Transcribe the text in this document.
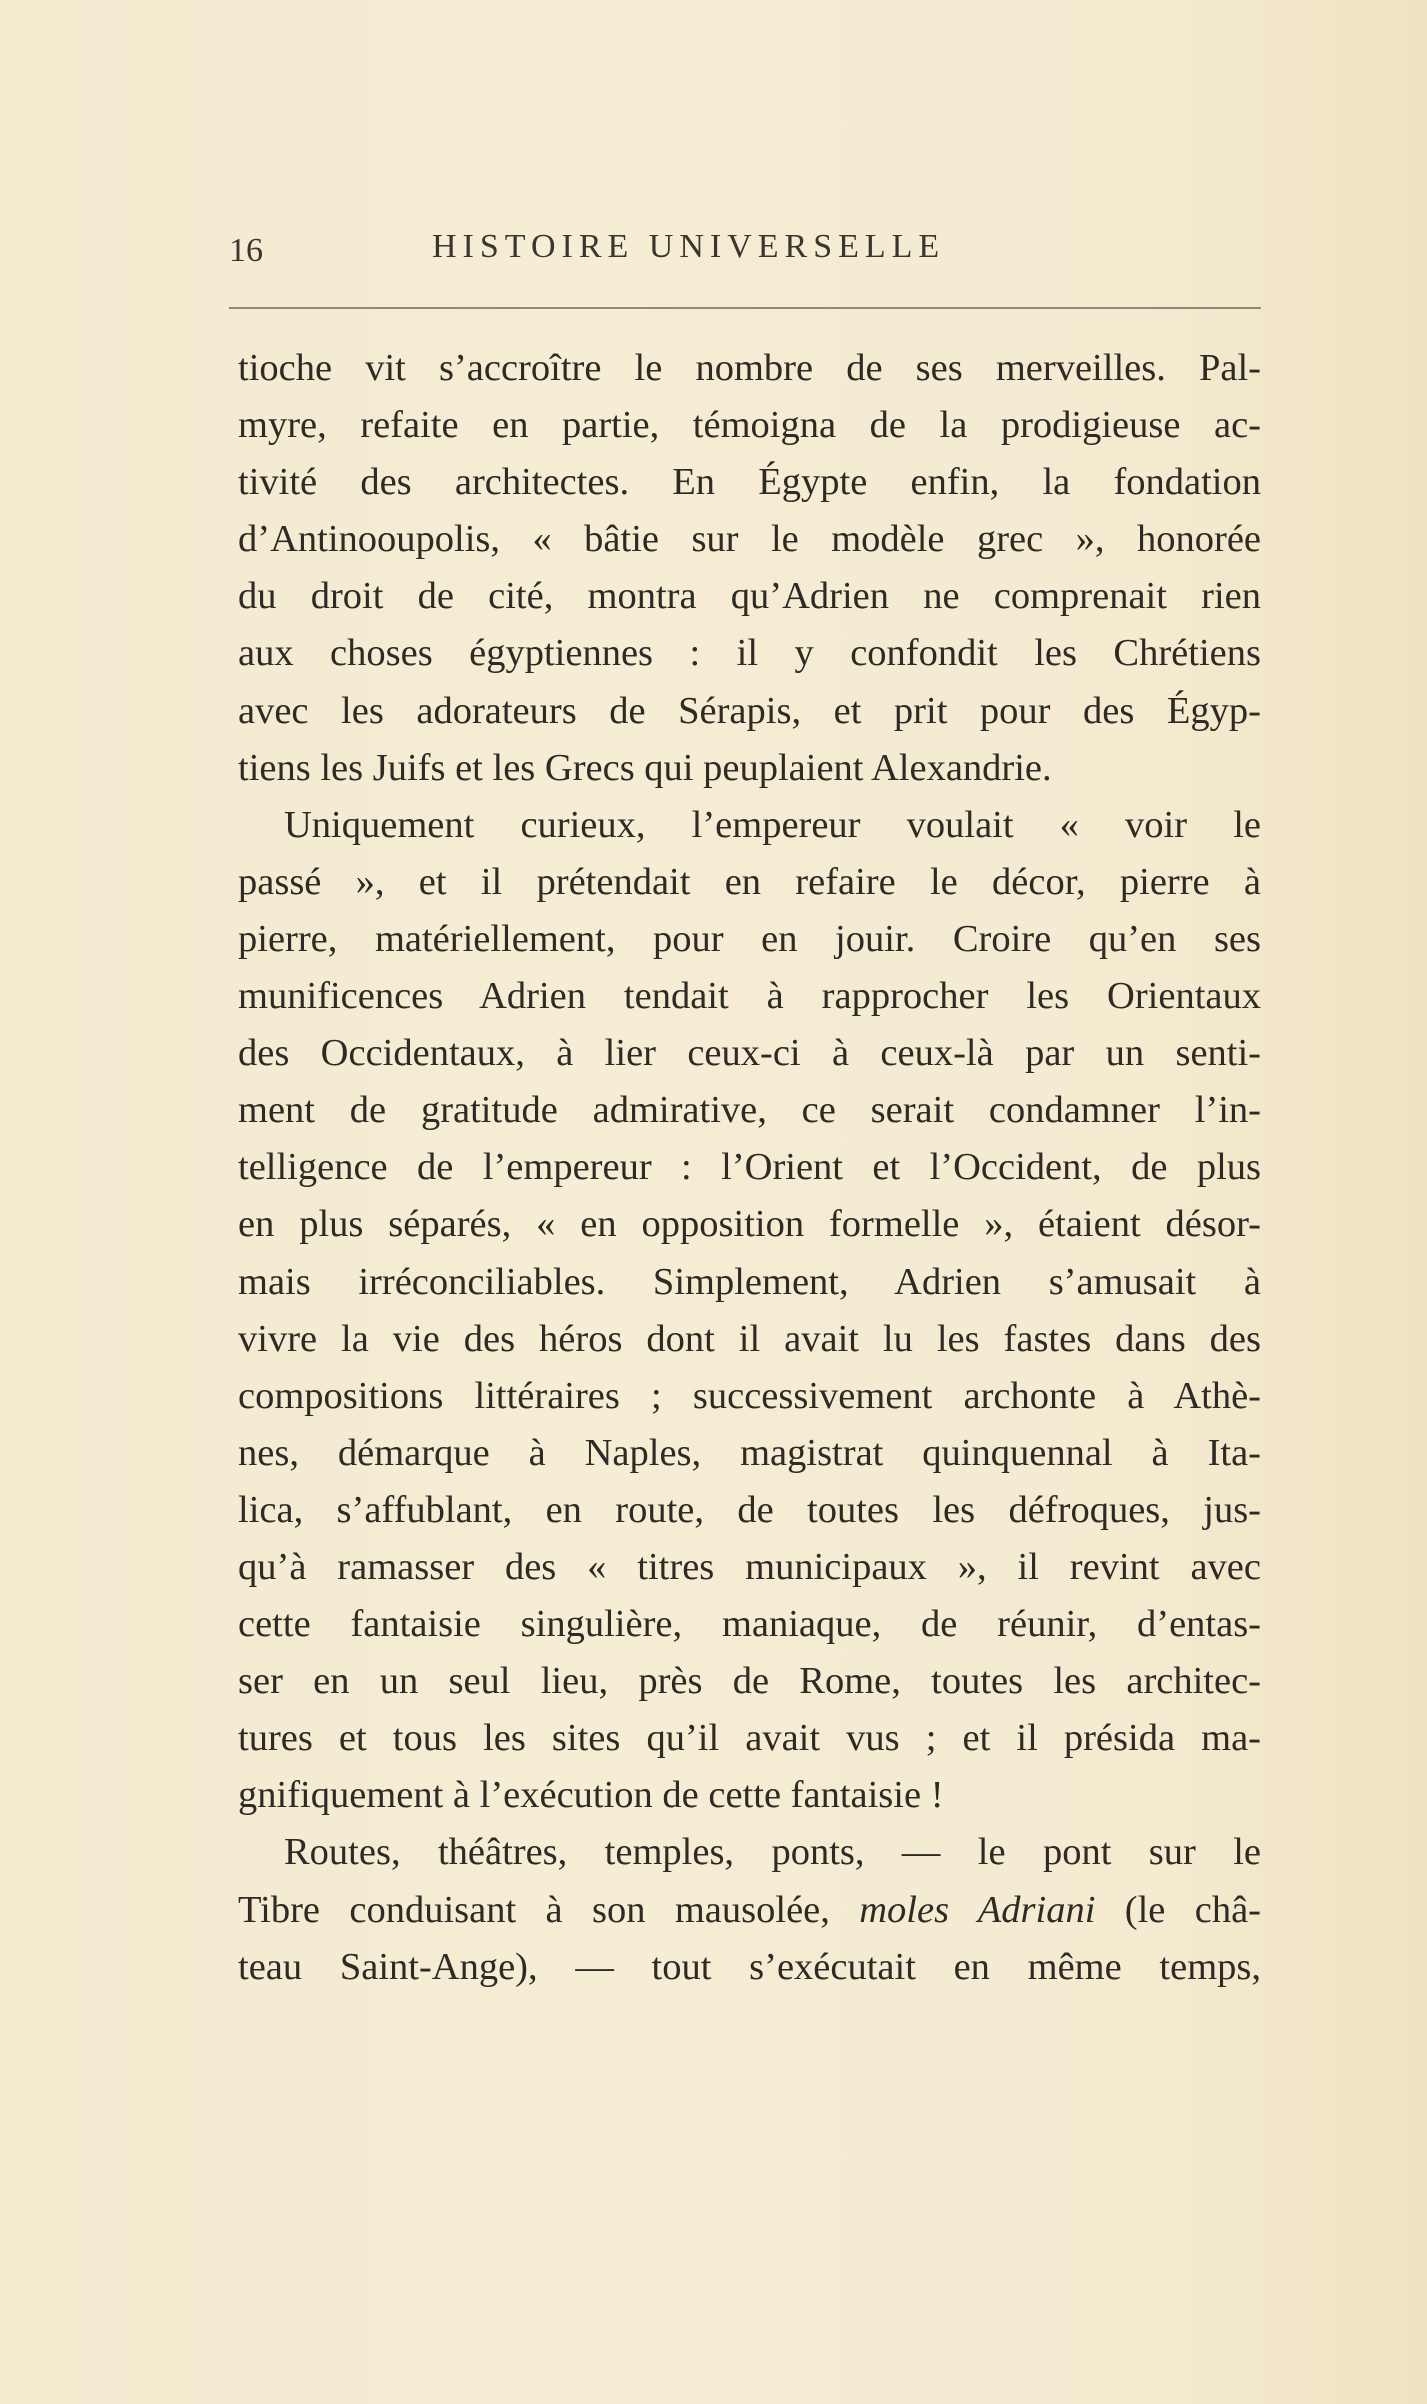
16	HISTOIRE UNIVERSELLE
tioche vit s’accroître le nombre de ses merveilles. Pal-
myre, refaite en partie, témoigna de la prodigieuse ac-
tivité des architectes. En Égypte enfin, la fondation
d’Antinooupolis, « bâtie sur le modèle grec », honorée
du droit de cité, montra qu’Adrien ne comprenait rien
aux choses égyptiennes : il y confondit les Chrétiens
avec les adorateurs de Sérapis, et prit pour des Égyp-
tiens les Juifs et les Grecs qui peuplaient Alexandrie.
Uniquement curieux, l’empereur voulait « voir le
passé », et il prétendait en refaire le décor, pierre à
pierre, matériellement, pour en jouir. Croire qu’en ses
munificences Adrien tendait à rapprocher les Orientaux
des Occidentaux, à lier ceux-ci à ceux-là par un senti-
ment de gratitude admirative, ce serait condamner l’in-
telligence de l’empereur : l’Orient et l’Occident, de plus
en plus séparés, « en opposition formelle », étaient désor-
mais irréconciliables. Simplement, Adrien s’amusait à
vivre la vie des héros dont il avait lu les fastes dans des
compositions littéraires ; successivement archonte à Athè-
nes, démarque à Naples, magistrat quinquennal à Ita-
lica, s’affublant, en route, de toutes les défroques, jus-
qu’à ramasser des « titres municipaux », il revint avec
cette fantaisie singulière, maniaque, de réunir, d’entas-
ser en un seul lieu, près de Rome, toutes les architec-
tures et tous les sites qu’il avait vus ; et il présida ma-
gnifiquement à l’exécution de cette fantaisie !
Routes, théâtres, temples, ponts, — le pont sur le
Tibre conduisant à son mausolée, moles Adriani (le châ-
teau Saint-Ange), — tout s’exécutait en même temps,
